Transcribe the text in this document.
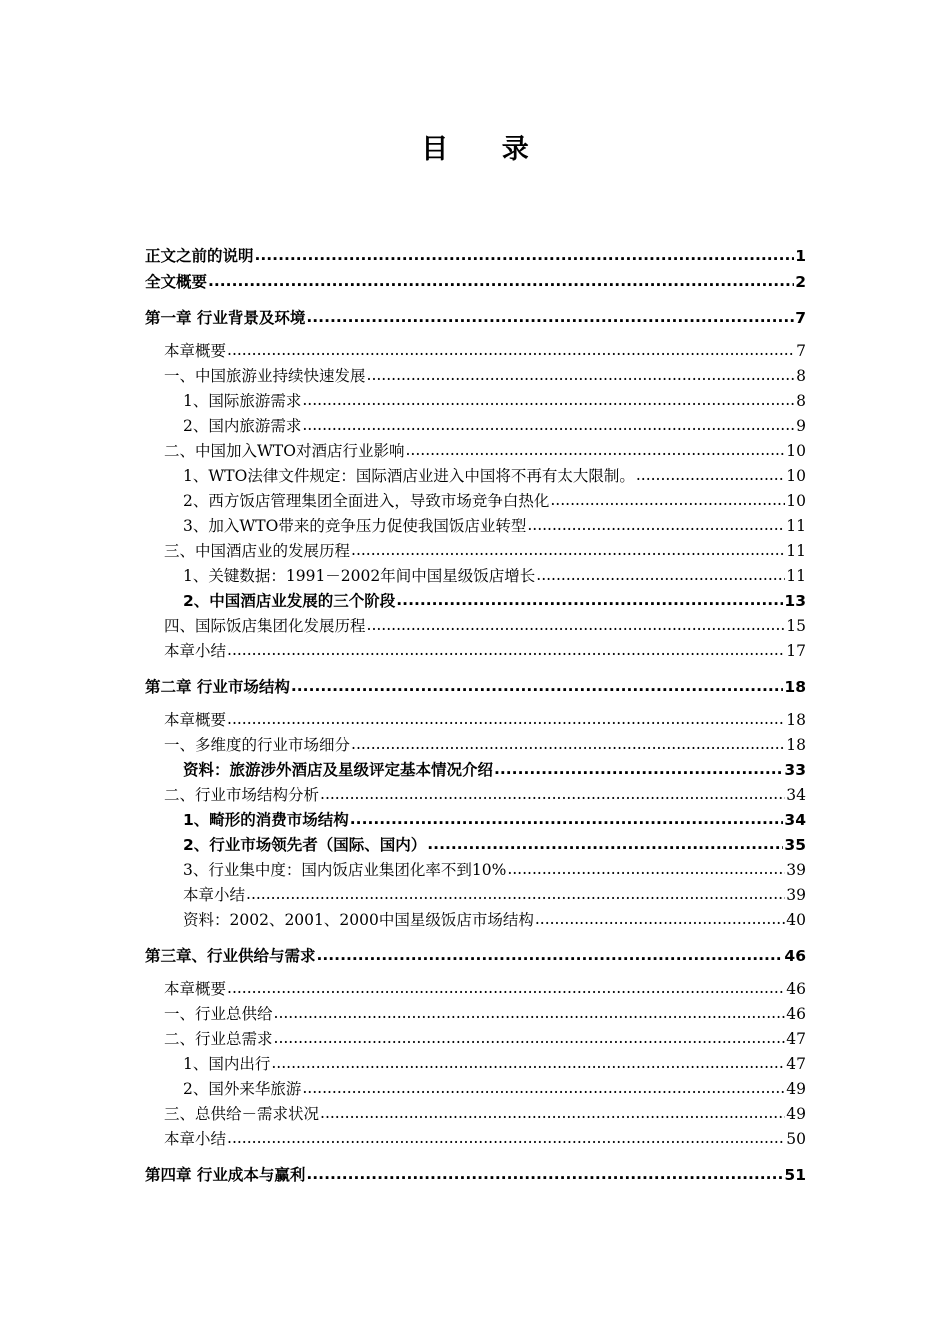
目 录
正文之前的说明 .....	1
全文概要 .....	2
第一章 行业背景及环境 .....	7
本章概要 .....	7
一、中国旅游业持续快速发展 .....	8
1、国际旅游需求 .....	8
2、国内旅游需求 .....	9
二、中国加入WTO对酒店行业影响 .....	10
1、WTO法律文件规定：国际酒店业进入中国将不再有太大限制。 .....	10
2、西方饭店管理集团全面进入，导致市场竞争白热化 .....	10
3、加入WTO带来的竞争压力促使我国饭店业转型 .....	11
三、中国酒店业的发展历程 .....	11
1、关键数据：1991－2002年间中国星级饭店增长 .....	11
2、中国酒店业发展的三个阶段 .....	13
四、国际饭店集团化发展历程 .....	15
本章小结 .....	17
第二章 行业市场结构 .....	18
本章概要 .....	18
一、多维度的行业市场细分 .....	18
资料：旅游涉外酒店及星级评定基本情况介绍 .....	33
二、行业市场结构分析 .....	34
1、畸形的消费市场结构 .....	34
2、行业市场领先者（国际、国内） .....	35
3、行业集中度：国内饭店业集团化率不到10% .....	39
本章小结 .....	39
资料：2002、2001、2000中国星级饭店市场结构 .....	40
第三章、行业供给与需求 .....	46
本章概要 .....	46
一、行业总供给 .....	46
二、行业总需求 .....	47
1、国内出行 .....	47
2、国外来华旅游 .....	49
三、总供给－需求状况 .....	49
本章小结 .....	50
第四章 行业成本与赢利 .....	51
